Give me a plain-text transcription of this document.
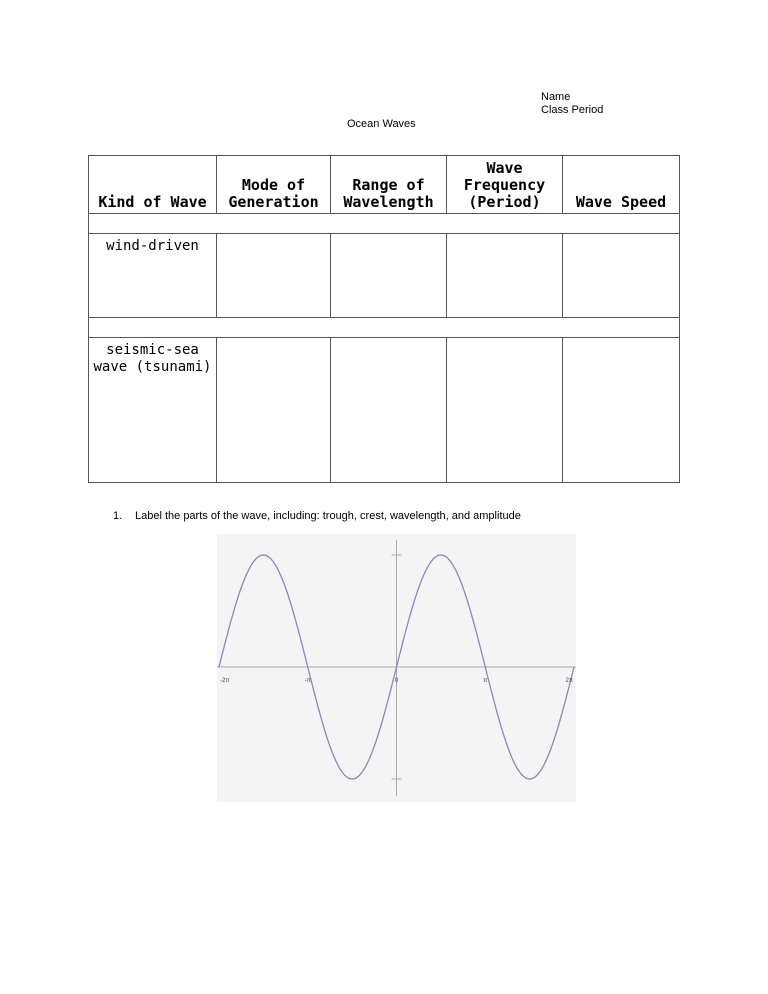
Name
Class Period
Ocean Waves
Kind of Wave	Mode of Generation	Range of Wavelength	Wave Frequency (Period)	Wave Speed

wind-driven				

seismic-sea wave (tsunami)				
1. Label the parts of the wave, including: trough, crest, wavelength, and amplitude
-2π	-π	0	π	2π
